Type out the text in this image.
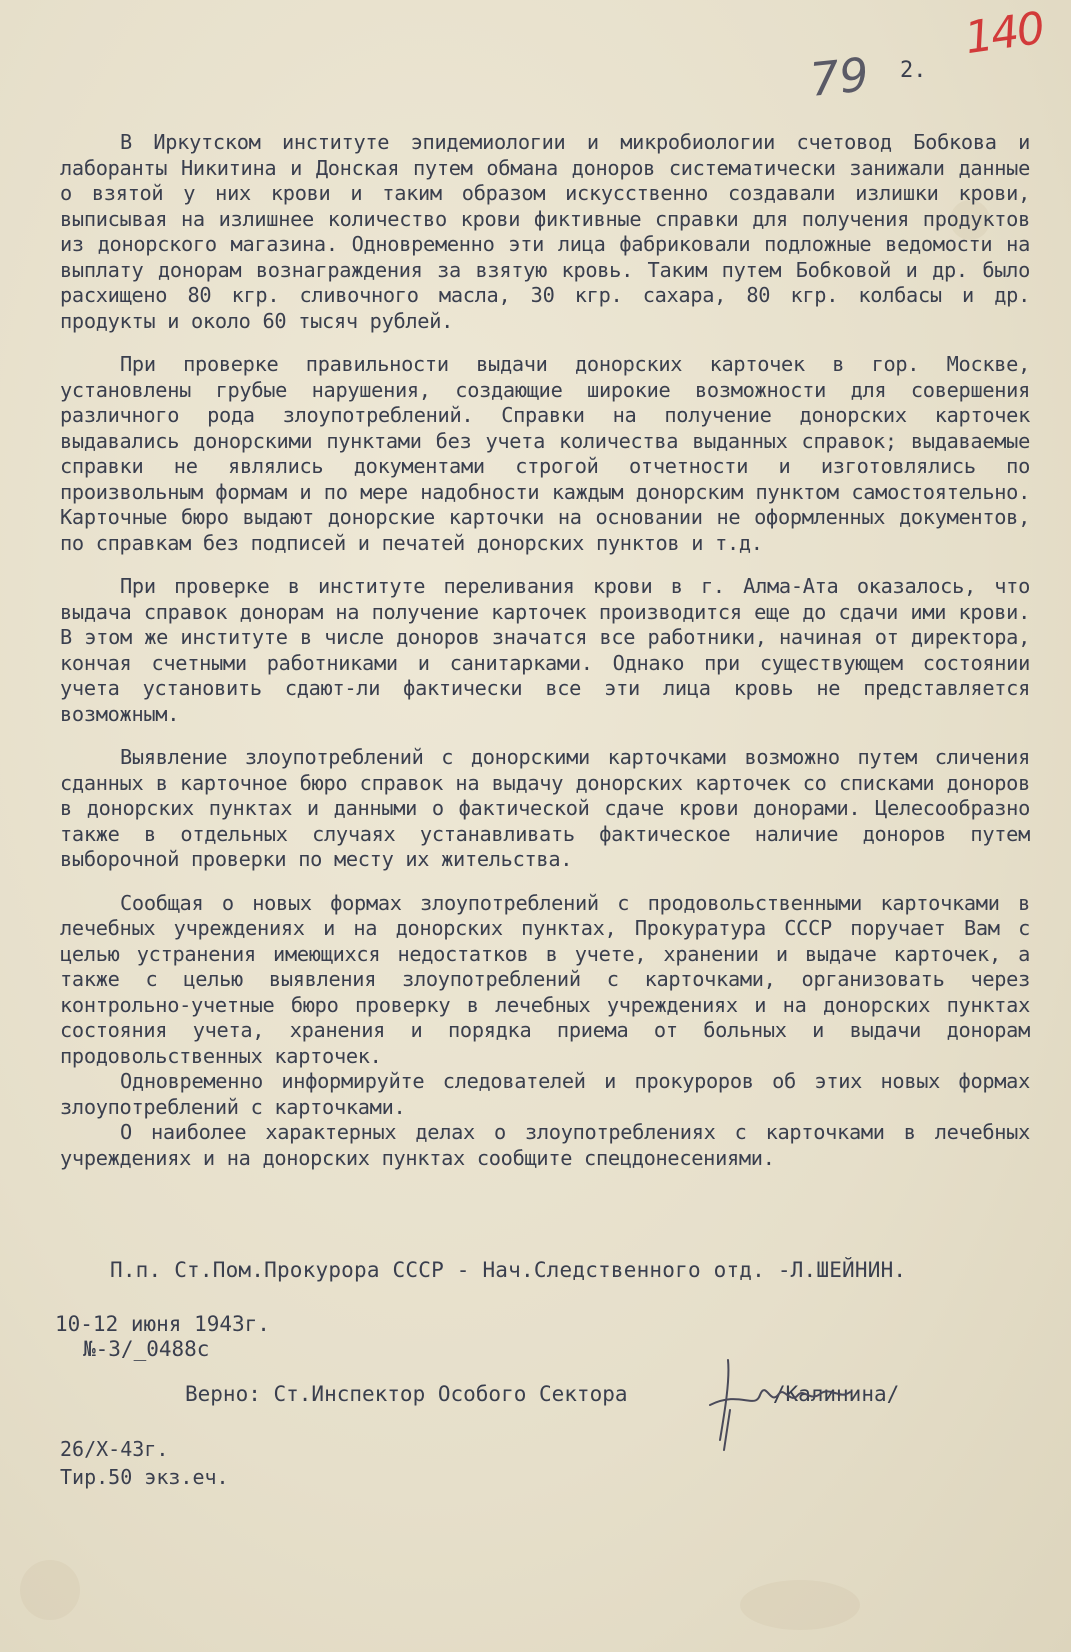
140
79 2.

В Иркутском институте эпидемиологии и микробиологии счетовод Бобкова и лаборанты Никитина и Донская путем обмана доноров систематически занижали данные о взятой у них крови и таким образом искусственно создавали излишки крови, выписывая на излишнее количество крови фиктивные справки для получения продуктов из донорского магазина. Одновременно эти лица фабриковали подложные ведомости на выплату донорам вознаграждения за взятую кровь. Таким путем Бобковой и др. было расхищено 80 кгр. сливочного масла, 30 кгр. сахара, 80 кгр. колбасы и др. продукты и около 60 тысяч рублей.

При проверке правильности выдачи донорских карточек в гор. Москве, установлены грубые нарушения, создающие широкие возможности для совершения различного рода злоупотреблений. Справки на получение донорских карточек выдавались донорскими пунктами без учета количества выданных справок; выдаваемые справки не являлись документами строгой отчетности и изготовлялись по произвольным формам и по мере надобности каждым донорским пунктом самостоятельно. Карточные бюро выдают донорские карточки на основании не оформленных документов, по справкам без подписей и печатей донорских пунктов и т.д.

При проверке в институте переливания крови в г. Алма-Ата оказалось, что выдача справок донорам на получение карточек производится еще до сдачи ими крови. В этом же институте в числе доноров значатся все работники, начиная от директора, кончая счетными работниками и санитарками. Однако при существующем состоянии учета установить сдают-ли фактически все эти лица кровь не представляется возможным.

Выявление злоупотреблений с донорскими карточками возможно путем сличения сданных в карточное бюро справок на выдачу донорских карточек со списками доноров в донорских пунктах и данными о фактической сдаче крови донорами. Целесообразно также в отдельных случаях устанавливать фактическое наличие доноров путем выборочной проверки по месту их жительства.

Сообщая о новых формах злоупотреблений с продовольственными карточками в лечебных учреждениях и на донорских пунктах, Прокуратура СССР поручает Вам с целью устранения имеющихся недостатков в учете, хранении и выдаче карточек, а также с целью выявления злоупотреблений с карточками, организовать через контрольно-учетные бюро проверку в лечебных учреждениях и на донорских пунктах состояния учета, хранения и порядка приема от больных и выдачи донорам продовольственных карточек.

Одновременно информируйте следователей и прокуроров об этих новых формах злоупотреблений с карточками.

О наиболее характерных делах о злоупотреблениях с карточками в лечебных учреждениях и на донорских пунктах сообщите спецдонесениями.

П.п. Ст.Пом.Прокурора СССР - Нач.Следственного отд. -Л.ШЕЙНИН.
10-12 июня 1943г.
№-3/_0488с
Верно: Ст.Инспектор Особого Сектора	/Калинина/
26/X-43г.
Тир.50 экз.еч.
